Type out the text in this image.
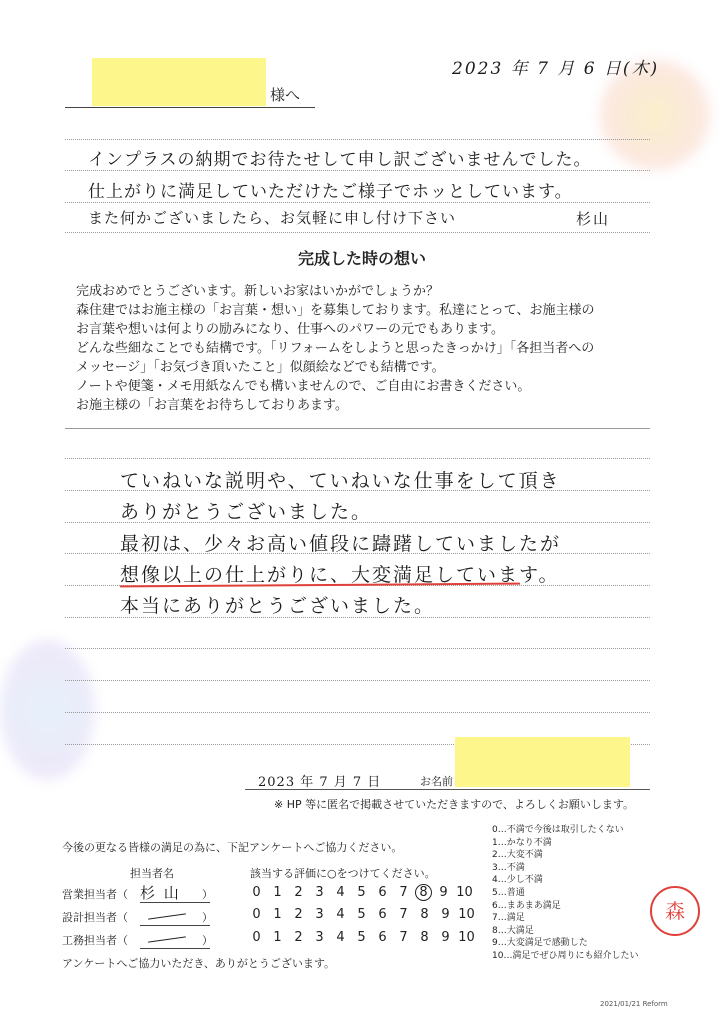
2023 年 7 月 6 日(木)
様へ
インプラスの納期でお待たせして申し訳ございませんでした。
仕上がりに満足していただけたご様子でホッとしています。
また何かございましたら、お気軽に申し付け下さい	杉山
完成した時の想い
完成おめでとうございます。新しいお家はいかがでしょうか？
森住建ではお施主様の「お言葉・想い」を募集しております。私達にとって、お施主様の
お言葉や想いは何よりの励みになり、仕事へのパワーの元でもあります。
どんな些細なことでも結構です。「リフォームをしようと思ったきっかけ」「各担当者への
メッセージ」「お気づき頂いたこと」似顔絵などでも結構です。
ノートや便箋・メモ用紙なんでも構いませんので、ご自由にお書きください。
お施主様の「お言葉をお待ちしておりあます。
ていねいな説明や、ていねいな仕事をして頂き
ありがとうございました。
最初は、少々お高い値段に躊躇していましたが
想像以上の仕上がりに、大変満足しています。
本当にありがとうございました。
2023 年 7 月 7 日	お名前
※ HP 等に匿名で掲載させていただきますので、よろしくお願いします。
今後の更なる皆様の満足の為に、下記アンケートへご協力ください。
担当者名	該当する評価に○をつけてください。
営業担当者（ 杉 山 ）	0 1 2 3 4 5 6 7 8 9 10
設計担当者（	）	0 1 2 3 4 5 6 7 8 9 10
工務担当者（	）	0 1 2 3 4 5 6 7 8 9 10
アンケートへご協力いただき、ありがとうございます。
0…不満で今後は取引したくない
1…かなり不満
2…大変不満
3…不満
4…少し不満
5…普通
6…まあまあ満足
7…満足
8…大満足
9…大変満足で感動した
10…満足でぜひ周りにも紹介したい
森
2021/01/21 Reform
